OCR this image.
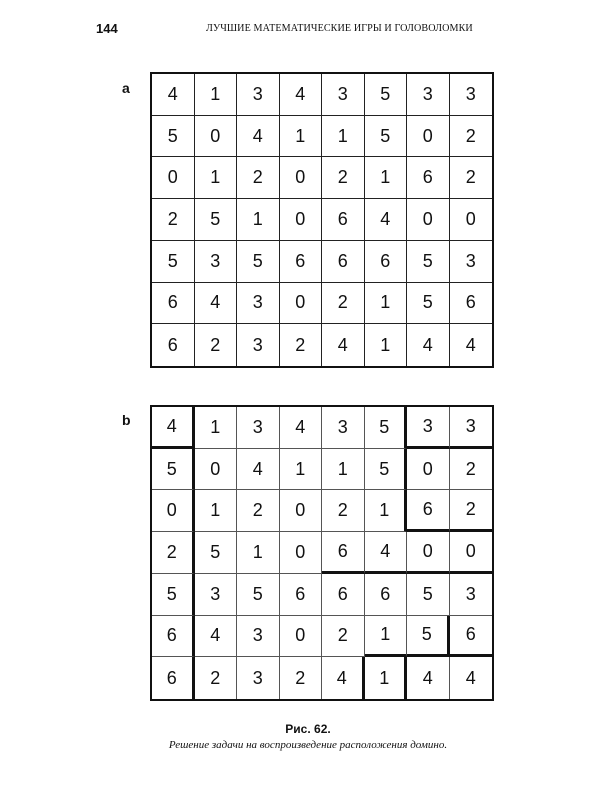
144	ЛУЧШИЕ МАТЕМАТИЧЕСКИЕ ИГРЫ И ГОЛОВОЛОМКИ
a	4	1	3	4	3	5	3	3
5	0	4	1	1	5	0	2
0	1	2	0	2	1	6	2
2	5	1	0	6	4	0	0
5	3	5	6	6	6	5	3
6	4	3	0	2	1	5	6
6	2	3	2	4	1	4	4
b	4	1	3	4	3	5	3	3
5	0	4	1	1	5	0	2
0	1	2	0	2	1	6	2
2	5	1	0	6	4	0	0
5	3	5	6	6	6	5	3
6	4	3	0	2	1	5	6
6	2	3	2	4	1	4	4
Рис. 62.
Решение задачи на воспроизведение расположения домино.
